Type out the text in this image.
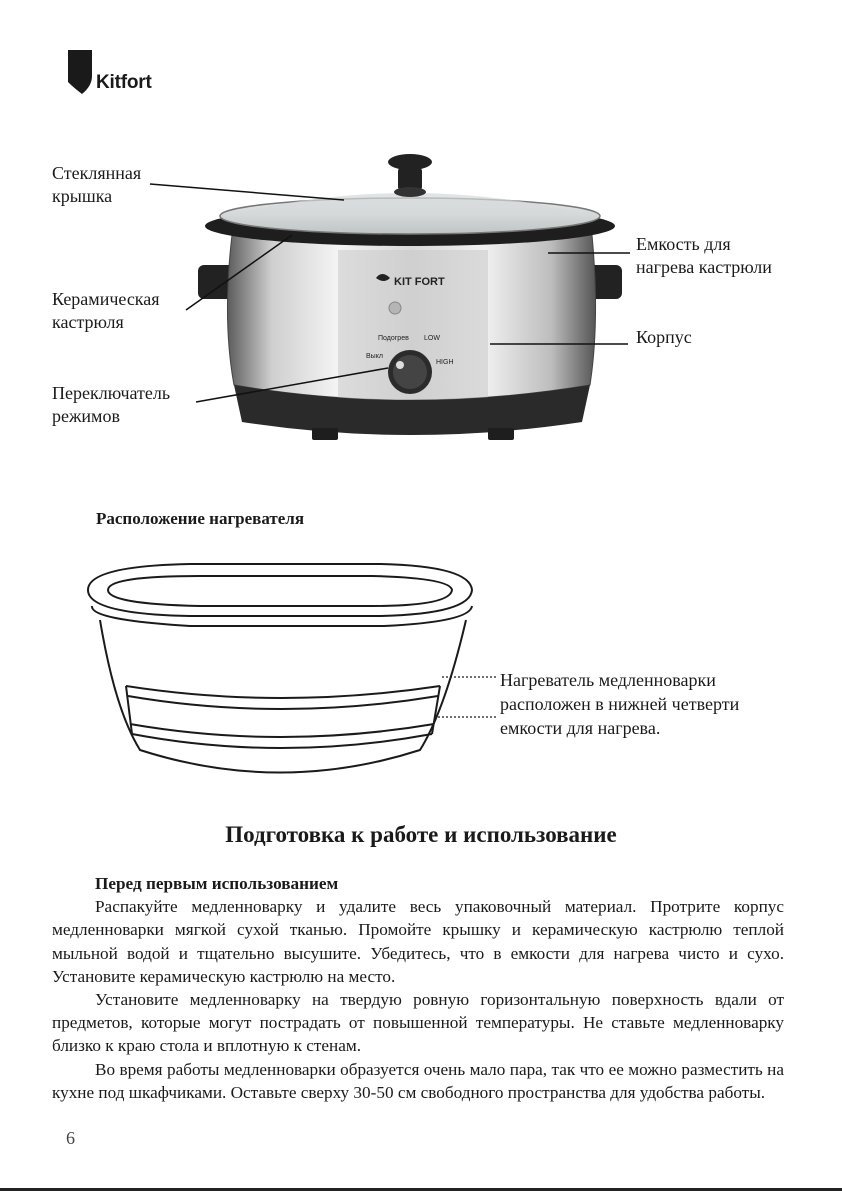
Kitfort
KIT FORT
Подогрев LOW
Выкл
HIGH
Стеклянная
крышка
Керамическая
кастрюля
Переключатель
режимов
Емкость для
нагрева кастрюли
Корпус
Расположение нагревателя
Нагреватель медленноварки
расположен в нижней четверти
емкости для нагрева.
Подготовка к работе и использование
Перед первым использованием

Распакуйте медленноварку и удалите весь упаковочный материал. Протрите корпус медленноварки мягкой сухой тканью. Промойте крышку и керамическую кастрюлю теплой мыльной водой и тщательно высушите. Убедитесь, что в емкости для нагрева чисто и сухо. Установите керамическую кастрюлю на место.

Установите медленноварку на твердую ровную горизонтальную поверхность вдали от предметов, которые могут пострадать от повышенной температуры. Не ставьте медленноварку близко к краю стола и вплотную к стенам.

Во время работы медленноварки образуется очень мало пара, так что ее можно разместить на кухне под шкафчиками. Оставьте сверху 30-50 см свободного пространства для удобства работы.

6
